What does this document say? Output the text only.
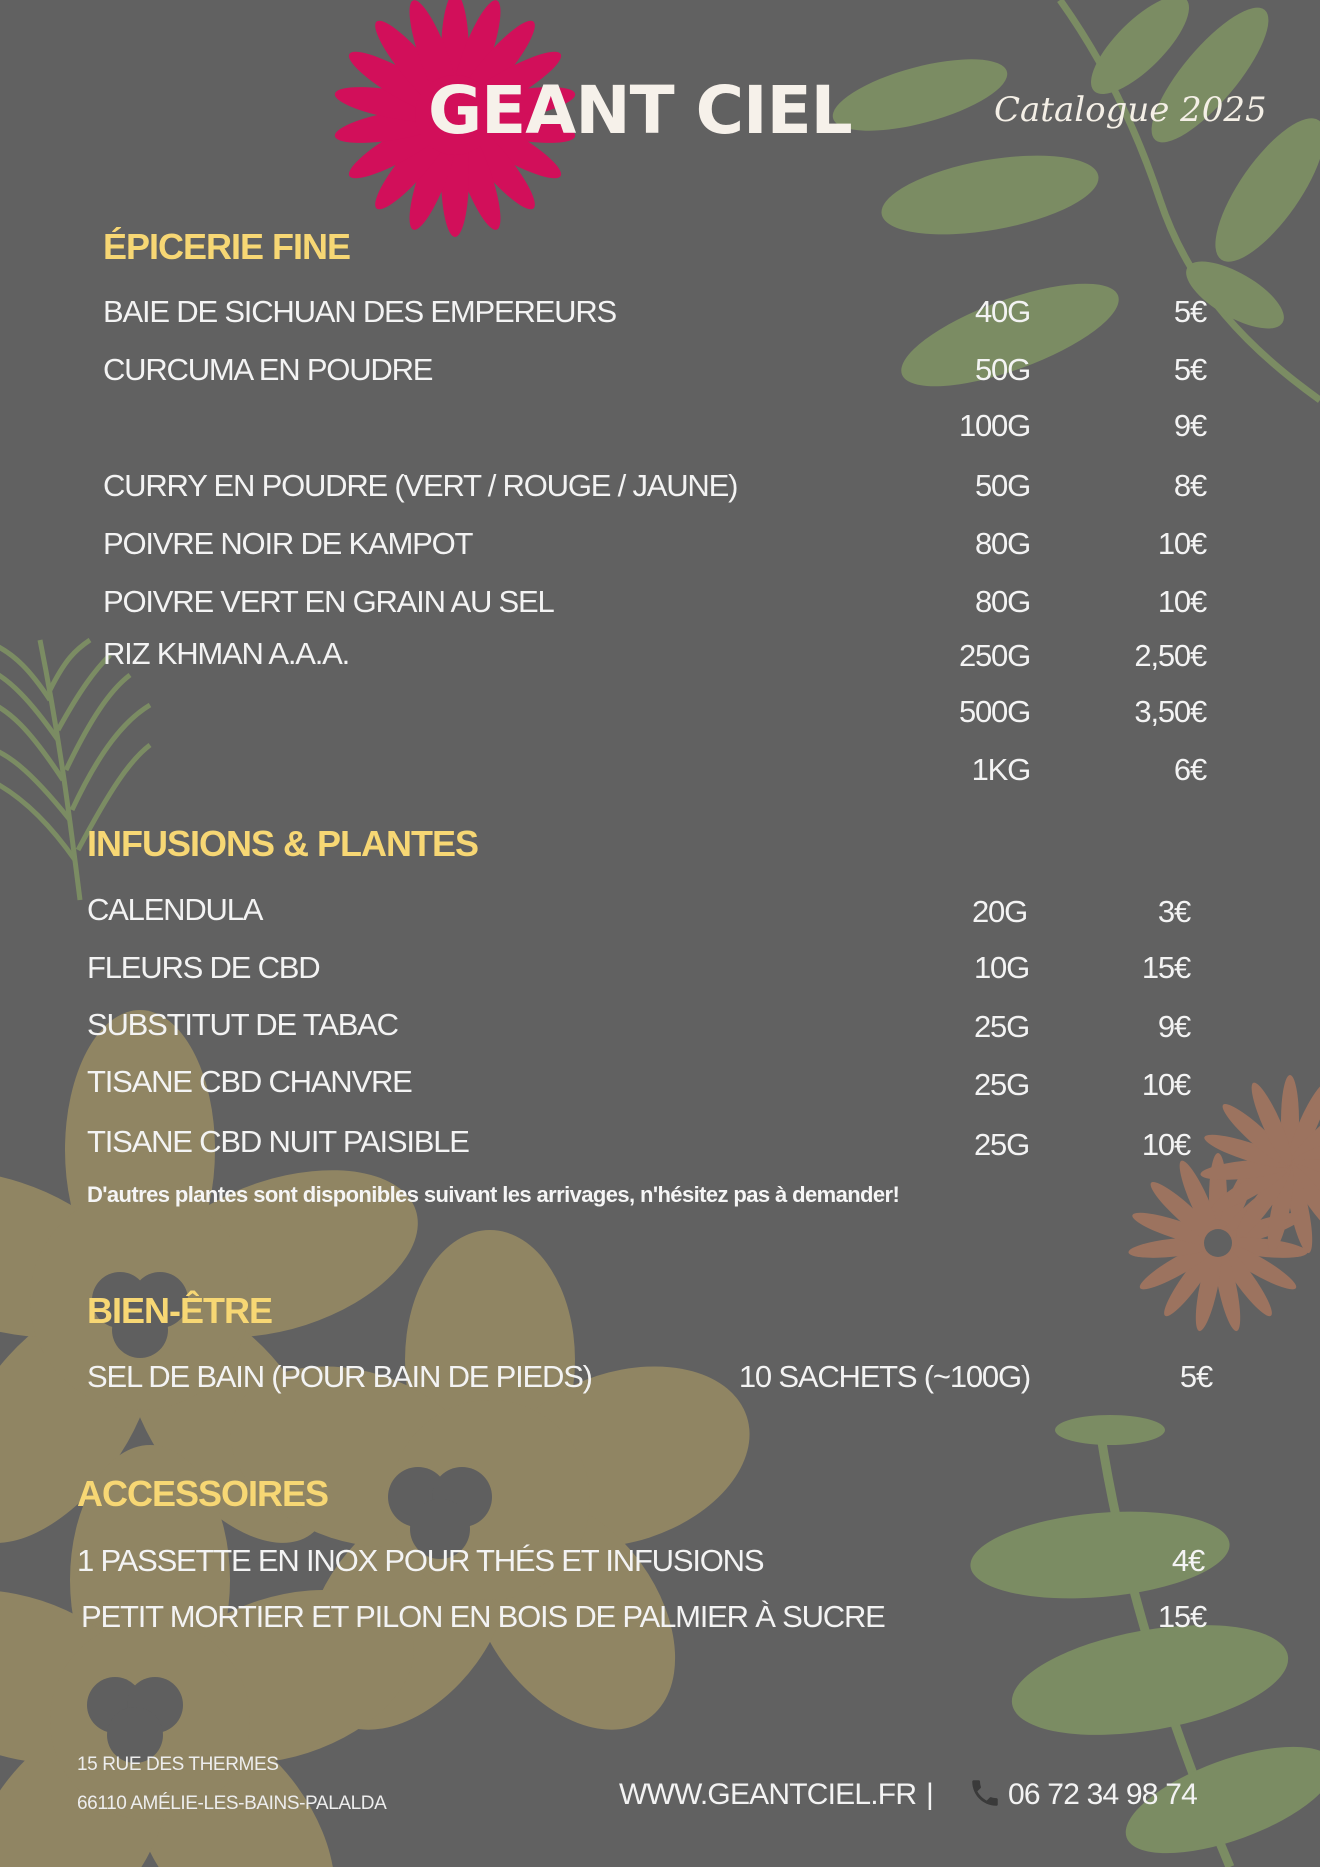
GEANT CIEL	Catalogue 2025
ÉPICERIE FINE
BAIE DE SICHUAN DES EMPEREURS	40G	5€
CURCUMA EN POUDRE	50G	5€
100G	9€
CURRY EN POUDRE (VERT / ROUGE / JAUNE)	50G	8€
POIVRE NOIR DE KAMPOT	80G	10€
POIVRE VERT EN GRAIN AU SEL	80G	10€
RIZ KHMAN A.A.A.	250G	2,50€
500G	3,50€
1KG	6€
INFUSIONS & PLANTES
CALENDULA	20G	3€
FLEURS DE CBD	10G	15€
SUBSTITUT DE TABAC	25G	9€
TISANE CBD CHANVRE	25G	10€
TISANE CBD NUIT PAISIBLE	25G	10€
D'autres plantes sont disponibles suivant les arrivages, n'hésitez pas à demander!
BIEN-ÊTRE
SEL DE BAIN (POUR BAIN DE PIEDS)	10 SACHETS (~100G)	5€
ACCESSOIRES
1 PASSETTE EN INOX POUR THÉS ET INFUSIONS	4€
PETIT MORTIER ET PILON EN BOIS DE PALMIER À SUCRE	15€
15 RUE DES THERMES
66110 AMÉLIE-LES-BAINS-PALALDA	WWW.GEANTCIEL.FR |	06 72 34 98 74
